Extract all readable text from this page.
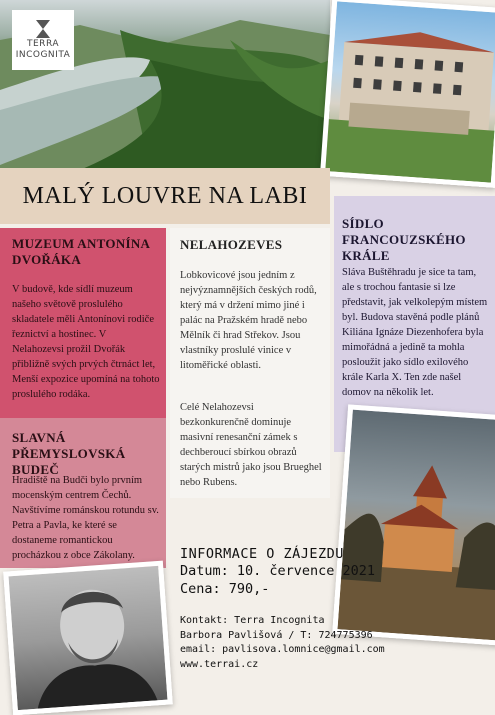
TERRA
INCOGNITA
MALÝ LOUVRE NA LABI
MUZEUM ANTONÍNA DVOŘÁKA

V budově, kde sídlí muzeum našeho světově proslulého skladatele měli Antonínovi rodiče řeznictví a hostinec. V Nelahozevsi prožil Dvořák přibližně svých prvých čtrnáct let, Menší expozice upomíná na tohoto proslulého rodáka.

SLAVNÁ PŘEMYSLOVSKÁ BUDEČ

Hradiště na Budči bylo prvním mocenským centrem Čechů. Navštívíme románskou rotundu sv. Petra a Pavla, ke které se dostaneme romantickou procházkou z obce Zákolany.

NELAHOZEVES

Lobkovicové jsou jedním z nejvýznamnějších českých rodů, který má v držení mimo jiné i palác na Pražském hradě nebo Mělník či hrad Střekov. Jsou vlastníky proslulé vinice v litoměřické oblasti.

Celé Nelahozevsi bezkonkurenčně dominuje masivní renesanční zámek s dechberoucí sbírkou obrazů starých mistrů jako jsou Brueghel nebo Rubens.

SÍDLO FRANCOUZSKÉHO KRÁLE

Sláva Buštěhradu je sice ta tam, ale s trochou fantasie si lze představit, jak velkolepým místem byl. Budova stavěná podle plánů Kiliána Ignáze Diezenhofera byla mimořádná a jedině ta mohla posloužit jako sídlo exilového krále Karla X. Ten zde našel domov na několik let.

INFORMACE O ZÁJEZDU
Datum: 10. července 2021
Cena: 790,-
Kontakt: Terra Incognita
Barbora Pavlišová / T: 724775396
email: pavlisova.lomnice@gmail.com
www.terrai.cz
